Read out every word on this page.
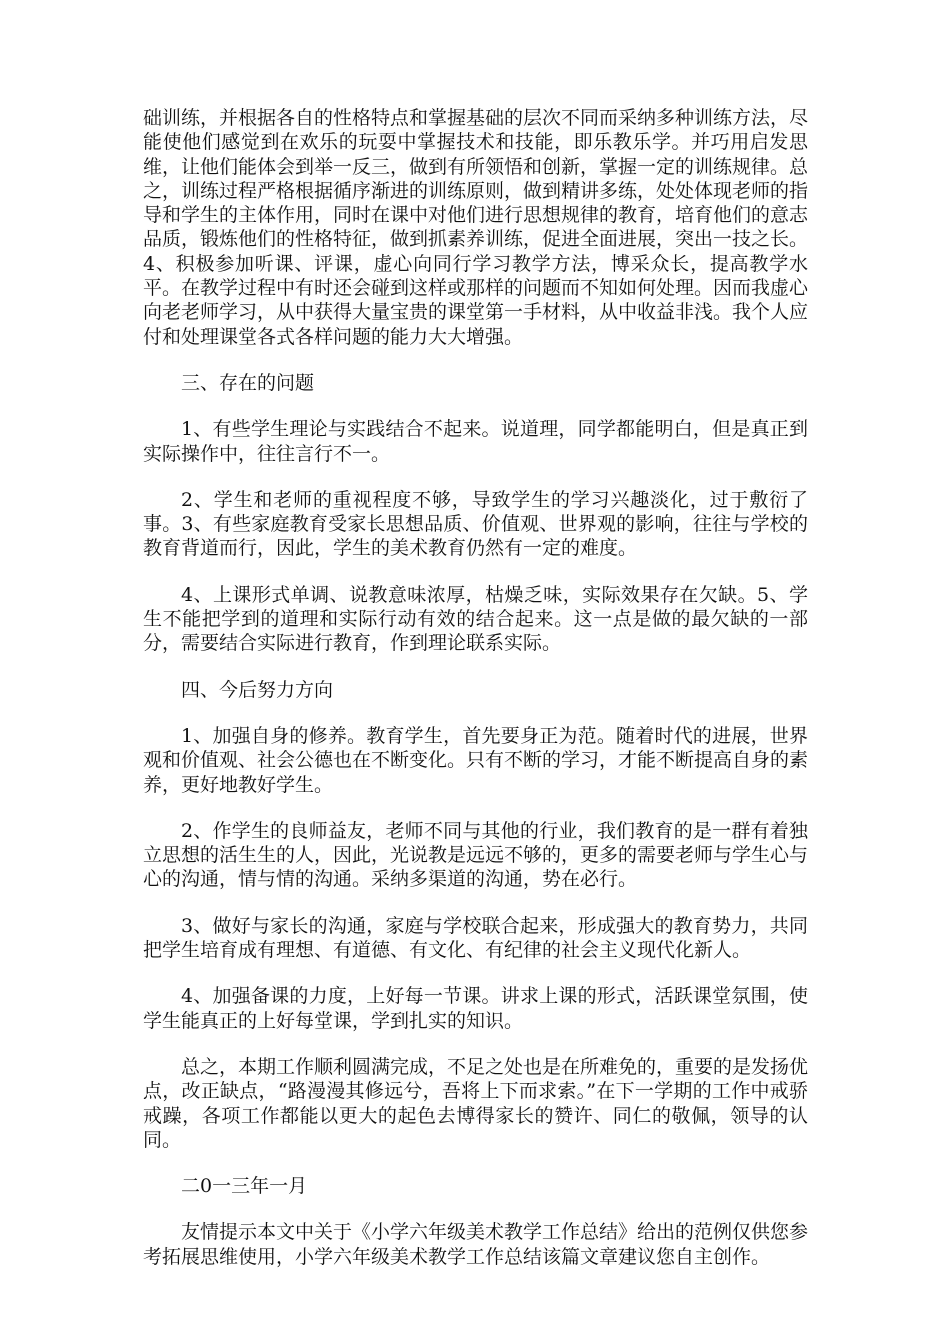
础训练，并根据各自的性格特点和掌握基础的层次不同而采纳多种训练方法，尽能使他们感觉到在欢乐的玩耍中掌握技术和技能，即乐教乐学。并巧用启发思维，让他们能体会到举一反三，做到有所领悟和创新，掌握一定的训练规律。总之，训练过程严格根据循序渐进的训练原则，做到精讲多练，处处体现老师的指导和学生的主体作用，同时在课中对他们进行思想规律的教育，培育他们的意志品质，锻炼他们的性格特征，做到抓素养训练，促进全面进展，突出一技之长。4、积极参加听课、评课，虚心向同行学习教学方法，博采众长，提高教学水平。在教学过程中有时还会碰到这样或那样的问题而不知如何处理。因而我虚心向老老师学习，从中获得大量宝贵的课堂第一手材料，从中收益非浅。我个人应付和处理课堂各式各样问题的能力大大增强。

三、存在的问题

1、有些学生理论与实践结合不起来。说道理，同学都能明白，但是真正到实际操作中，往往言行不一。

2、学生和老师的重视程度不够，导致学生的学习兴趣淡化，过于敷衍了事。3、有些家庭教育受家长思想品质、价值观、世界观的影响，往往与学校的教育背道而行，因此，学生的美术教育仍然有一定的难度。

4、上课形式单调、说教意味浓厚，枯燥乏味，实际效果存在欠缺。5、学生不能把学到的道理和实际行动有效的结合起来。这一点是做的最欠缺的一部分，需要结合实际进行教育，作到理论联系实际。

四、今后努力方向

1、加强自身的修养。教育学生，首先要身正为范。随着时代的进展，世界观和价值观、社会公德也在不断变化。只有不断的学习，才能不断提高自身的素养，更好地教好学生。

2、作学生的良师益友，老师不同与其他的行业，我们教育的是一群有着独立思想的活生生的人，因此，光说教是远远不够的，更多的需要老师与学生心与心的沟通，情与情的沟通。采纳多渠道的沟通，势在必行。

3、做好与家长的沟通，家庭与学校联合起来，形成强大的教育势力，共同把学生培育成有理想、有道德、有文化、有纪律的社会主义现代化新人。

4、加强备课的力度，上好每一节课。讲求上课的形式，活跃课堂氛围，使学生能真正的上好每堂课，学到扎实的知识。

总之，本期工作顺利圆满完成，不足之处也是在所难免的，重要的是发扬优点，改正缺点，“路漫漫其修远兮，吾将上下而求索。”在下一学期的工作中戒骄戒躁，各项工作都能以更大的起色去博得家长的赞许、同仁的敬佩，领导的认同。

二0一三年一月

友情提示本文中关于《小学六年级美术教学工作总结》给出的范例仅供您参考拓展思维使用，小学六年级美术教学工作总结该篇文章建议您自主创作。
